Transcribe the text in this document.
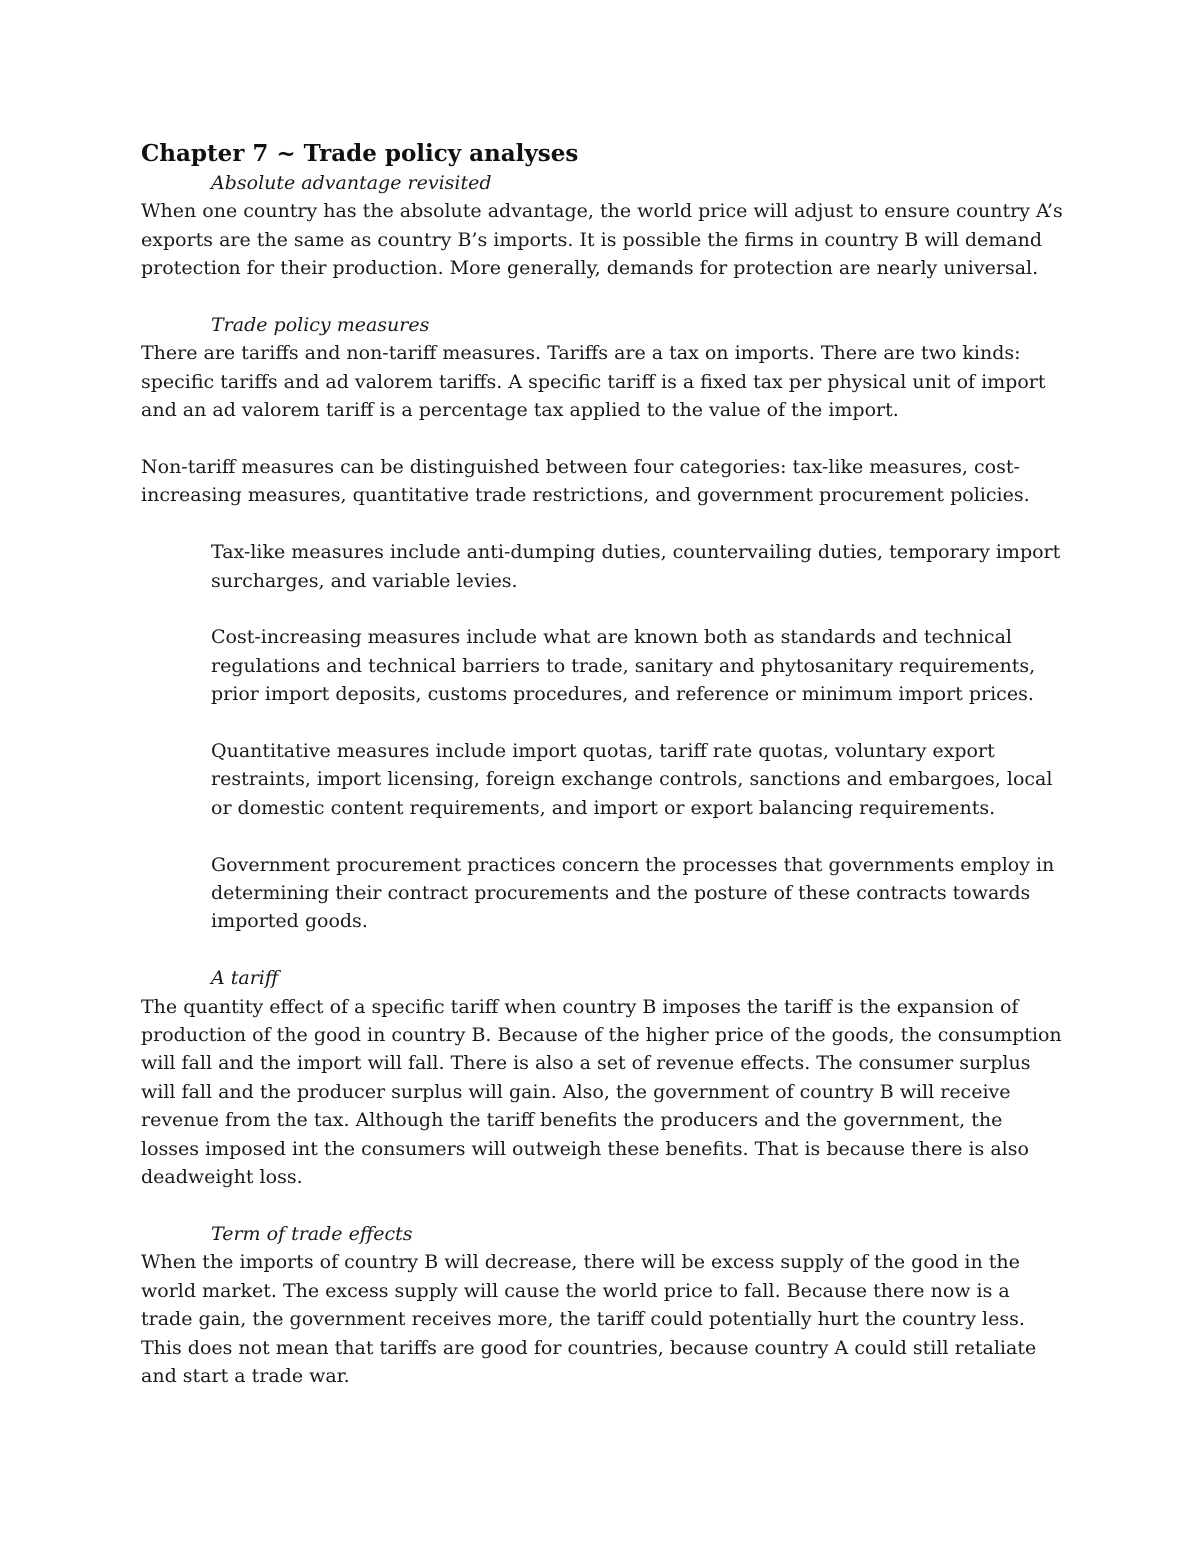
Chapter 7 ~ Trade policy analyses

Absolute advantage revisited

When one country has the absolute advantage, the world price will adjust to ensure country A’s exports are the same as country B’s imports. It is possible the firms in country B will demand protection for their production. More generally, demands for protection are nearly universal.

Trade policy measures

There are tariffs and non-tariff measures. Tariffs are a tax on imports. There are two kinds: specific tariffs and ad valorem tariffs. A specific tariff is a fixed tax per physical unit of import and an ad valorem tariff is a percentage tax applied to the value of the import.

Non-tariff measures can be distinguished between four categories: tax-like measures, cost-increasing measures, quantitative trade restrictions, and government procurement policies.

Tax-like measures include anti-dumping duties, countervailing duties, temporary import surcharges, and variable levies.

Cost-increasing measures include what are known both as standards and technical regulations and technical barriers to trade, sanitary and phytosanitary requirements, prior import deposits, customs procedures, and reference or minimum import prices.

Quantitative measures include import quotas, tariff rate quotas, voluntary export restraints, import licensing, foreign exchange controls, sanctions and embargoes, local or domestic content requirements, and import or export balancing requirements.

Government procurement practices concern the processes that governments employ in determining their contract procurements and the posture of these contracts towards imported goods.

A tariff

The quantity effect of a specific tariff when country B imposes the tariff is the expansion of production of the good in country B. Because of the higher price of the goods, the consumption will fall and the import will fall. There is also a set of revenue effects. The consumer surplus will fall and the producer surplus will gain. Also, the government of country B will receive revenue from the tax. Although the tariff benefits the producers and the government, the losses imposed int the consumers will outweigh these benefits. That is because there is also deadweight loss.

Term of trade effects

When the imports of country B will decrease, there will be excess supply of the good in the world market. The excess supply will cause the world price to fall. Because there now is a trade gain, the government receives more, the tariff could potentially hurt the country less. This does not mean that tariffs are good for countries, because country A could still retaliate and start a trade war.
